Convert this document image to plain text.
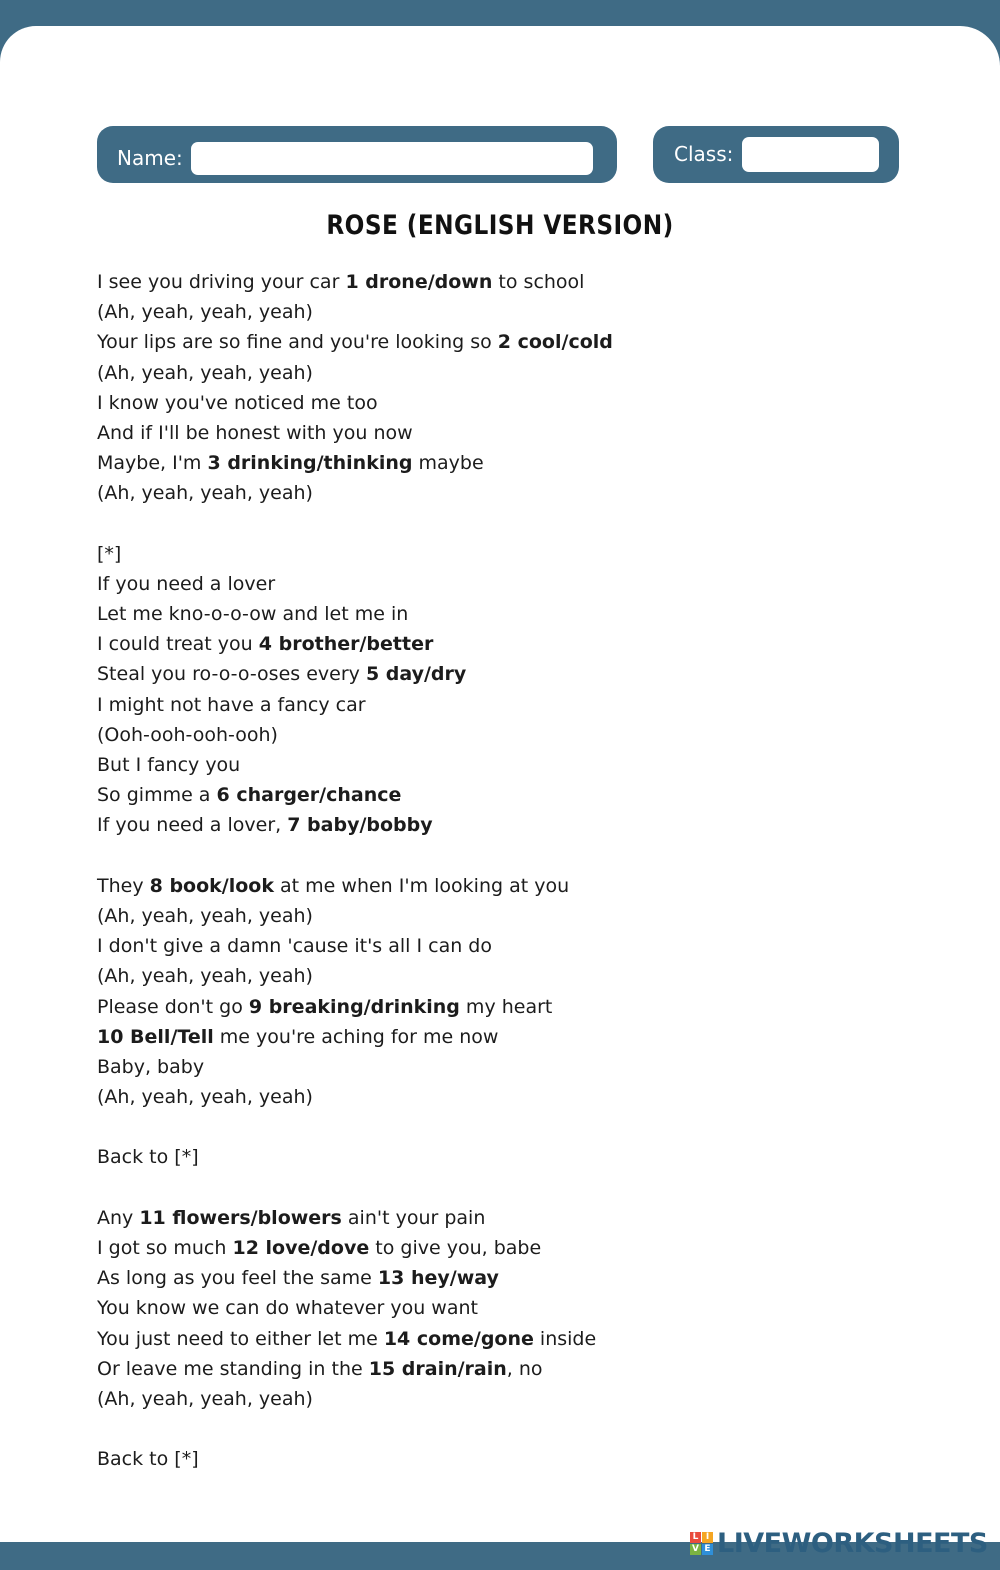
Name:	Class:
ROSE (ENGLISH VERSION)
I see you driving your car 1 drone/down to school
(Ah, yeah, yeah, yeah)
Your lips are so fine and you're looking so 2 cool/cold
(Ah, yeah, yeah, yeah)
I know you've noticed me too
And if I'll be honest with you now
Maybe, I'm 3 drinking/thinking maybe
(Ah, yeah, yeah, yeah)
[*]
If you need a lover
Let me kno-o-o-ow and let me in
I could treat you 4 brother/better
Steal you ro-o-o-oses every 5 day/dry
I might not have a fancy car
(Ooh-ooh-ooh-ooh)
But I fancy you
So gimme a 6 charger/chance
If you need a lover, 7 baby/bobby
They 8 book/look at me when I'm looking at you
(Ah, yeah, yeah, yeah)
I don't give a damn 'cause it's all I can do
(Ah, yeah, yeah, yeah)
Please don't go 9 breaking/drinking my heart
10 Bell/Tell me you're aching for me now
Baby, baby
(Ah, yeah, yeah, yeah)
Back to [*]
Any 11 flowers/blowers ain't your pain
I got so much 12 love/dove to give you, babe
As long as you feel the same 13 hey/way
You know we can do whatever you want
You just need to either let me 14 come/gone inside
Or leave me standing in the 15 drain/rain, no
(Ah, yeah, yeah, yeah)
Back to [*]
L I
V E LIVEWORKSHEETS
